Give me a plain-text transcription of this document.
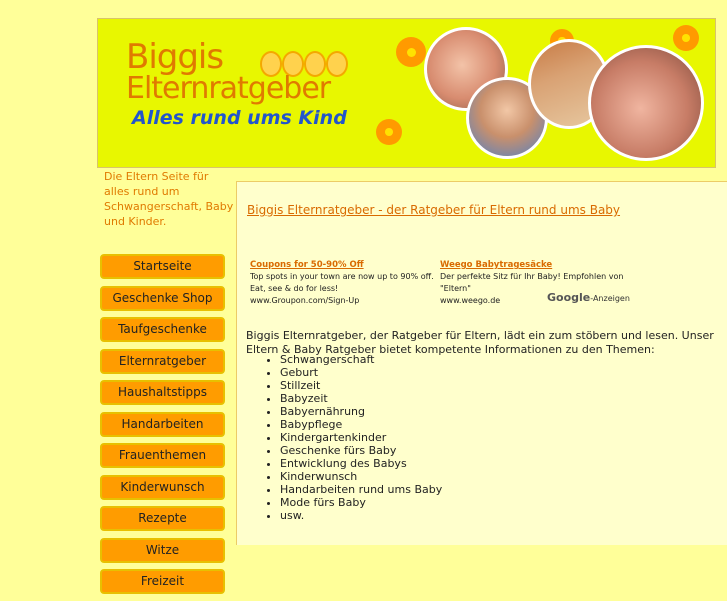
Biggis
Elternratgeber
Alles rund ums Kind
Die Eltern Seite für alles rund um Schwangerschaft, Baby und Kinder.
Startseite
Geschenke Shop
Taufgeschenke
Elternratgeber
Haushaltstipps
Handarbeiten
Frauenthemen
Kinderwunsch
Rezepte
Witze
Freizeit
Biggis Elternratgeber - der Ratgeber für Eltern rund ums Baby
Coupons for 50-90% Off
Top spots in your town are now up to 90% off.
Eat, see & do for less!
www.Groupon.com/Sign-Up
Weego Babytragesäcke
Der perfekte Sitz für Ihr Baby! Empfohlen von
"Eltern"
www.weego.de	Google-Anzeigen

Biggis Elternratgeber, der Ratgeber für Eltern, lädt ein zum stöbern und lesen. Unser Eltern & Baby Ratgeber bietet kompetente Informationen zu den Themen:

• Schwangerschaft
• Geburt
• Stillzeit
• Babyzeit
• Babyernährung
• Babypflege
• Kindergartenkinder
• Geschenke fürs Baby
• Entwicklung des Babys
• Kinderwunsch
• Handarbeiten rund ums Baby
• Mode fürs Baby
• usw.
